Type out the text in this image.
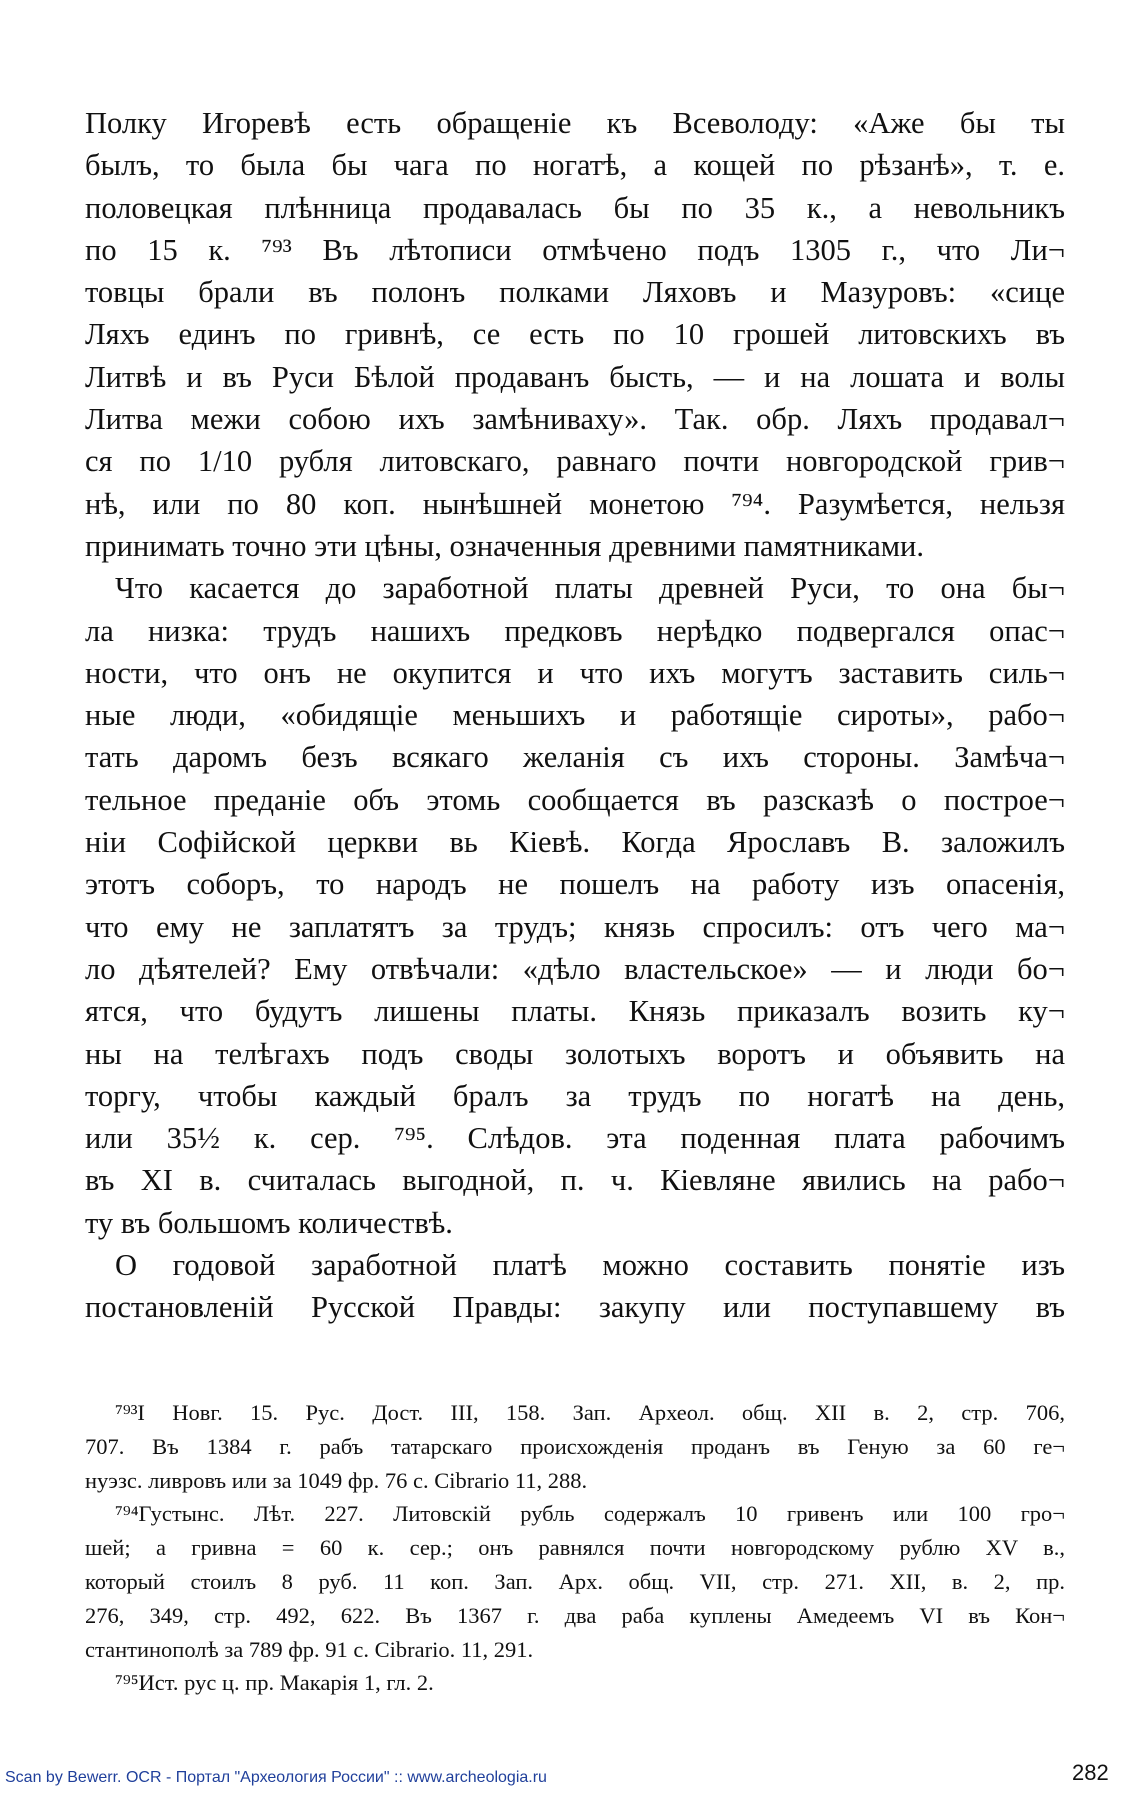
Полку Игоревѣ есть обращеніе къ Всеволоду: «Аже бы ты
былъ, то была бы чага по ногатѣ, а кощей по рѣзанѣ», т. е.
половецкая плѣнница продавалась бы по 35 к., а невольникъ
по 15 к. ⁷⁹³ Въ лѣтописи отмѣчено подъ 1305 г., что Ли¬
товцы брали въ полонъ полками Ляховъ и Мазуровъ: «сице
Ляхъ единъ по гривнѣ, се есть по 10 грошей литовскихъ въ
Литвѣ и въ Руси Бѣлой продаванъ бысть, — и на лошата и волы
Литва межи собою ихъ замѣниваху». Так. обр. Ляхъ продавал¬
ся по 1/10 рубля литовскаго, равнаго почти новгородской грив¬
нѣ, или по 80 коп. нынѣшней монетою ⁷⁹⁴. Разумѣется, нельзя
принимать точно эти цѣны, означенныя древними памятниками.
Что касается до заработной платы древней Руси, то она бы¬
ла низка: трудъ нашихъ предковъ нерѣдко подвергался опас¬
ности, что онъ не окупится и что ихъ могутъ заставить силь¬
ные люди, «обидящіе меньшихъ и работящіе сироты», рабо¬
тать даромъ безъ всякаго желанія съ ихъ стороны. Замѣча¬
тельное преданіе объ этомь сообщается въ разсказѣ о построе¬
ніи Софійской церкви вь Кіевѣ. Когда Ярославъ В. заложилъ
этотъ соборъ, то народъ не пошелъ на работу изъ опасенія,
что ему не заплатятъ за трудъ; князь спросилъ: отъ чего ма¬
ло дѣятелей? Ему отвѣчали: «дѣло властельское» — и люди бо¬
ятся, что будутъ лишены платы. Князь приказалъ возить ку¬
ны на телѣгахъ подъ своды золотыхъ воротъ и объявить на
торгу, чтобы каждый бралъ за трудъ по ногатѣ на день,
или 35½ к. сер. ⁷⁹⁵. Слѣдов. эта поденная плата рабочимъ
въ XI в. считалась выгодной, п. ч. Кіевляне явились на рабо¬
ту въ большомъ количествѣ.
О годовой заработной платѣ можно составить понятіе изъ
постановленій Русской Правды: закупу или поступавшему въ
⁷⁹³I Новг. 15. Рус. Дост. III, 158. Зап. Археол. общ. XII в. 2, стр. 706,
707. Въ 1384 г. рабъ татарскаго происхожденія проданъ въ Геную за 60 ге¬
нуэзс. ливровъ или за 1049 фр. 76 с. Cibrario 11, 288.
⁷⁹⁴Густынс. Лѣт. 227. Литовскій рубль содержалъ 10 гривенъ или 100 гро¬
шей; а гривна = 60 к. сер.; онъ равнялся почти новгородскому рублю XV в.,
который стоилъ 8 руб. 11 коп. Зап. Арх. общ. VII, стр. 271. XII, в. 2, пр.
276, 349, стр. 492, 622. Въ 1367 г. два раба куплены Амедеемъ VI въ Кон¬
стантинополѣ за 789 фр. 91 с. Cibrario. 11, 291.
⁷⁹⁵Ист. рус ц. пр. Макарія 1, гл. 2.
Scan by Bewerr. OCR - Портал "Археология России" :: www.archeologia.ru	282
